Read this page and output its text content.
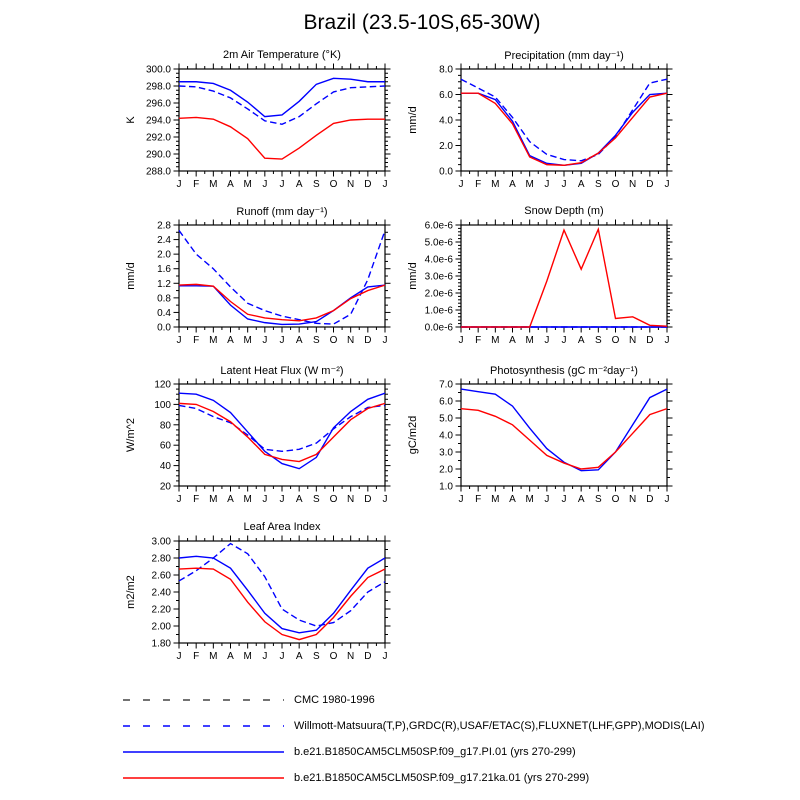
Brazil (23.5-10S,65-30W)
2m Air Temperature (°K)
K
J F M A M J J A S O N D J
288.0
290.0
292.0
294.0
296.0
298.0
300.0
Precipitation (mm day⁻¹)
mm/d
J F M A M J J A S O N D J
0.0
2.0
4.0
6.0
8.0
Runoff (mm day⁻¹)
mm/d
J F M A M J J A S O N D J
0.0
0.4
0.8
1.2
1.6
2.0
2.4
2.8
Snow Depth (m)
mm/d
J F M A M J J A S O N D J
0.0e-6
1.0e-6
2.0e-6
3.0e-6
4.0e-6
5.0e-6
6.0e-6
Latent Heat Flux (W m⁻²)
W/m^2
J F M A M J J A S O N D J
20
40
60
80
100
120
Photosynthesis (gC m⁻²day⁻¹)
gC/m2d
J F M A M J J A S O N D J
1.0
2.0
3.0
4.0
5.0
6.0
7.0
Leaf Area Index
m2/m2
J F M A M J J A S O N D J
1.80
2.00
2.20
2.40
2.60
2.80
3.00
CMC 1980-1996
Willmott-Matsuura(T,P),GRDC(R),USAF/ETAC(S),FLUXNET(LHF,GPP),MODIS(LAI)
b.e21.B1850CAM5CLM50SP.f09_g17.PI.01 (yrs 270-299)
b.e21.B1850CAM5CLM50SP.f09_g17.21ka.01 (yrs 270-299)
